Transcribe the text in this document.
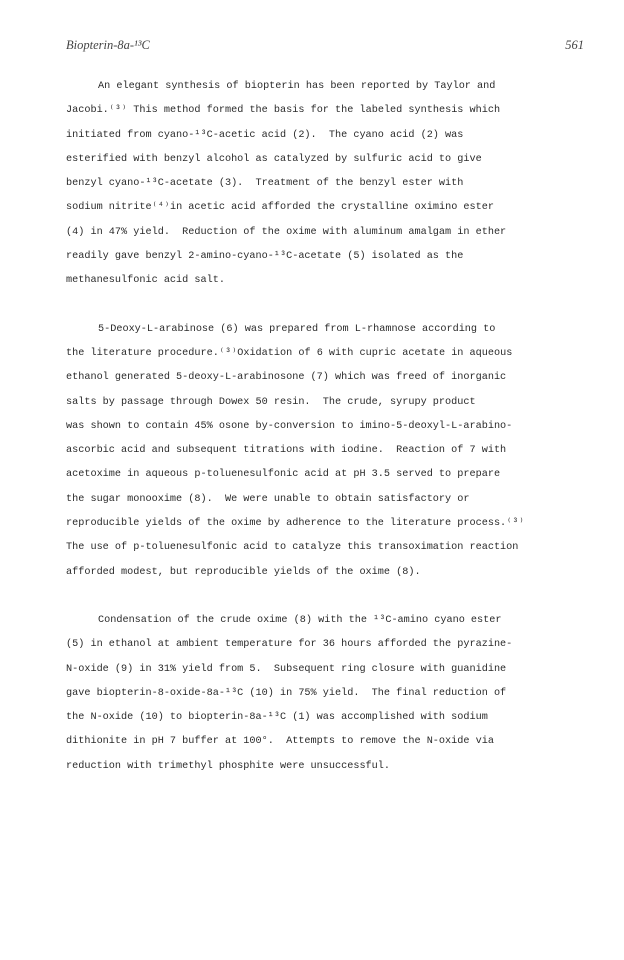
Biopterin-8a-¹³C	561
An elegant synthesis of biopterin has been reported by Taylor and
Jacobi.⁽³⁾ This method formed the basis for the labeled synthesis which
initiated from cyano-¹³C-acetic acid (2).  The cyano acid (2) was
esterified with benzyl alcohol as catalyzed by sulfuric acid to give
benzyl cyano-¹³C-acetate (3).  Treatment of the benzyl ester with
sodium nitrite⁽⁴⁾in acetic acid afforded the crystalline oximino ester
(4) in 47% yield.  Reduction of the oxime with aluminum amalgam in ether
readily gave benzyl 2-amino-cyano-¹³C-acetate (5) isolated as the
methanesulfonic acid salt.
5-Deoxy-L-arabinose (6) was prepared from L-rhamnose according to
the literature procedure.⁽³⁾Oxidation of 6 with cupric acetate in aqueous
ethanol generated 5-deoxy-L-arabinosone (7) which was freed of inorganic
salts by passage through Dowex 50 resin.  The crude, syrupy product
was shown to contain 45% osone by-conversion to imino-5-deoxyl-L-arabino-
ascorbic acid and subsequent titrations with iodine.  Reaction of 7 with
acetoxime in aqueous p-toluenesulfonic acid at pH 3.5 served to prepare
the sugar monooxime (8).  We were unable to obtain satisfactory or
reproducible yields of the oxime by adherence to the literature process.⁽³⁾
The use of p-toluenesulfonic acid to catalyze this transoximation reaction
afforded modest, but reproducible yields of the oxime (8).
Condensation of the crude oxime (8) with the ¹³C-amino cyano ester
(5) in ethanol at ambient temperature for 36 hours afforded the pyrazine-
N-oxide (9) in 31% yield from 5.  Subsequent ring closure with guanidine
gave biopterin-8-oxide-8a-¹³C (10) in 75% yield.  The final reduction of
the N-oxide (10) to biopterin-8a-¹³C (1) was accomplished with sodium
dithionite in pH 7 buffer at 100°.  Attempts to remove the N-oxide via
reduction with trimethyl phosphite were unsuccessful.
